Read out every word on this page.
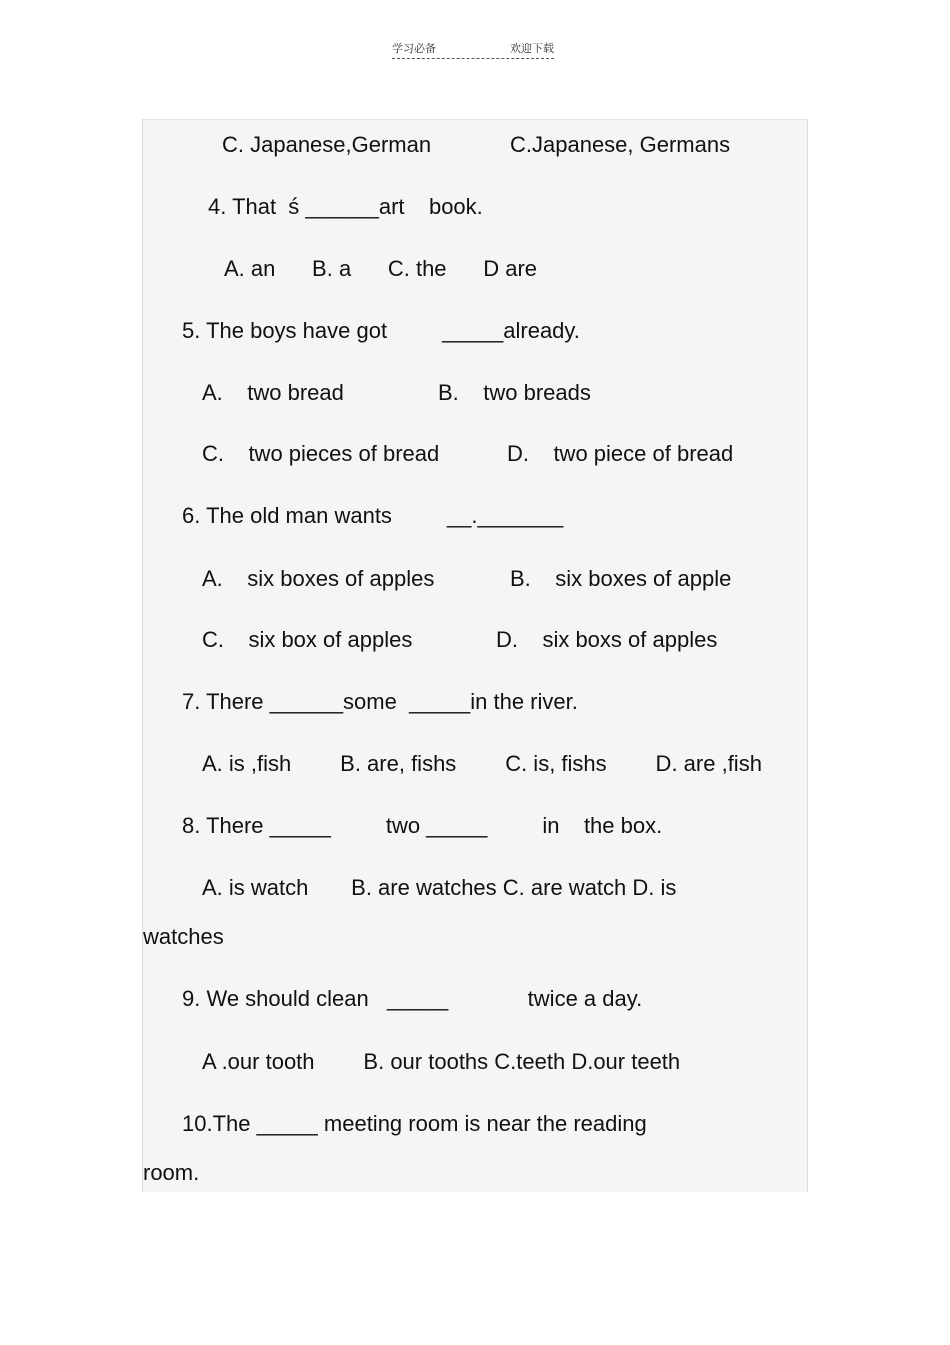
学习必备	欢迎下载
C. Japanese,German	C.Japanese, Germans
4. That  ś ______art    book.
A. an      B. a      C. the      D are
5. The boys have got         _____already.
A.    two bread	B.    two breads
C.    two pieces of bread	D.    two piece of bread
6. The old man wants         __._______
A.    six boxes of apples	B.    six boxes of apple
C.    six box of apples	D.    six boxs of apples
7. There ______some  _____in the river.
A. is ,fish        B. are, fishs        C. is, fishs        D. are ,fish
8. There _____         two _____         in    the box.
A. is watch       B. are watches C. are watch D. is
watches
9. We should clean   _____             twice a day.
A .our tooth        B. our tooths C.teeth D.our teeth
10.The _____ meeting room is near the reading
room.
